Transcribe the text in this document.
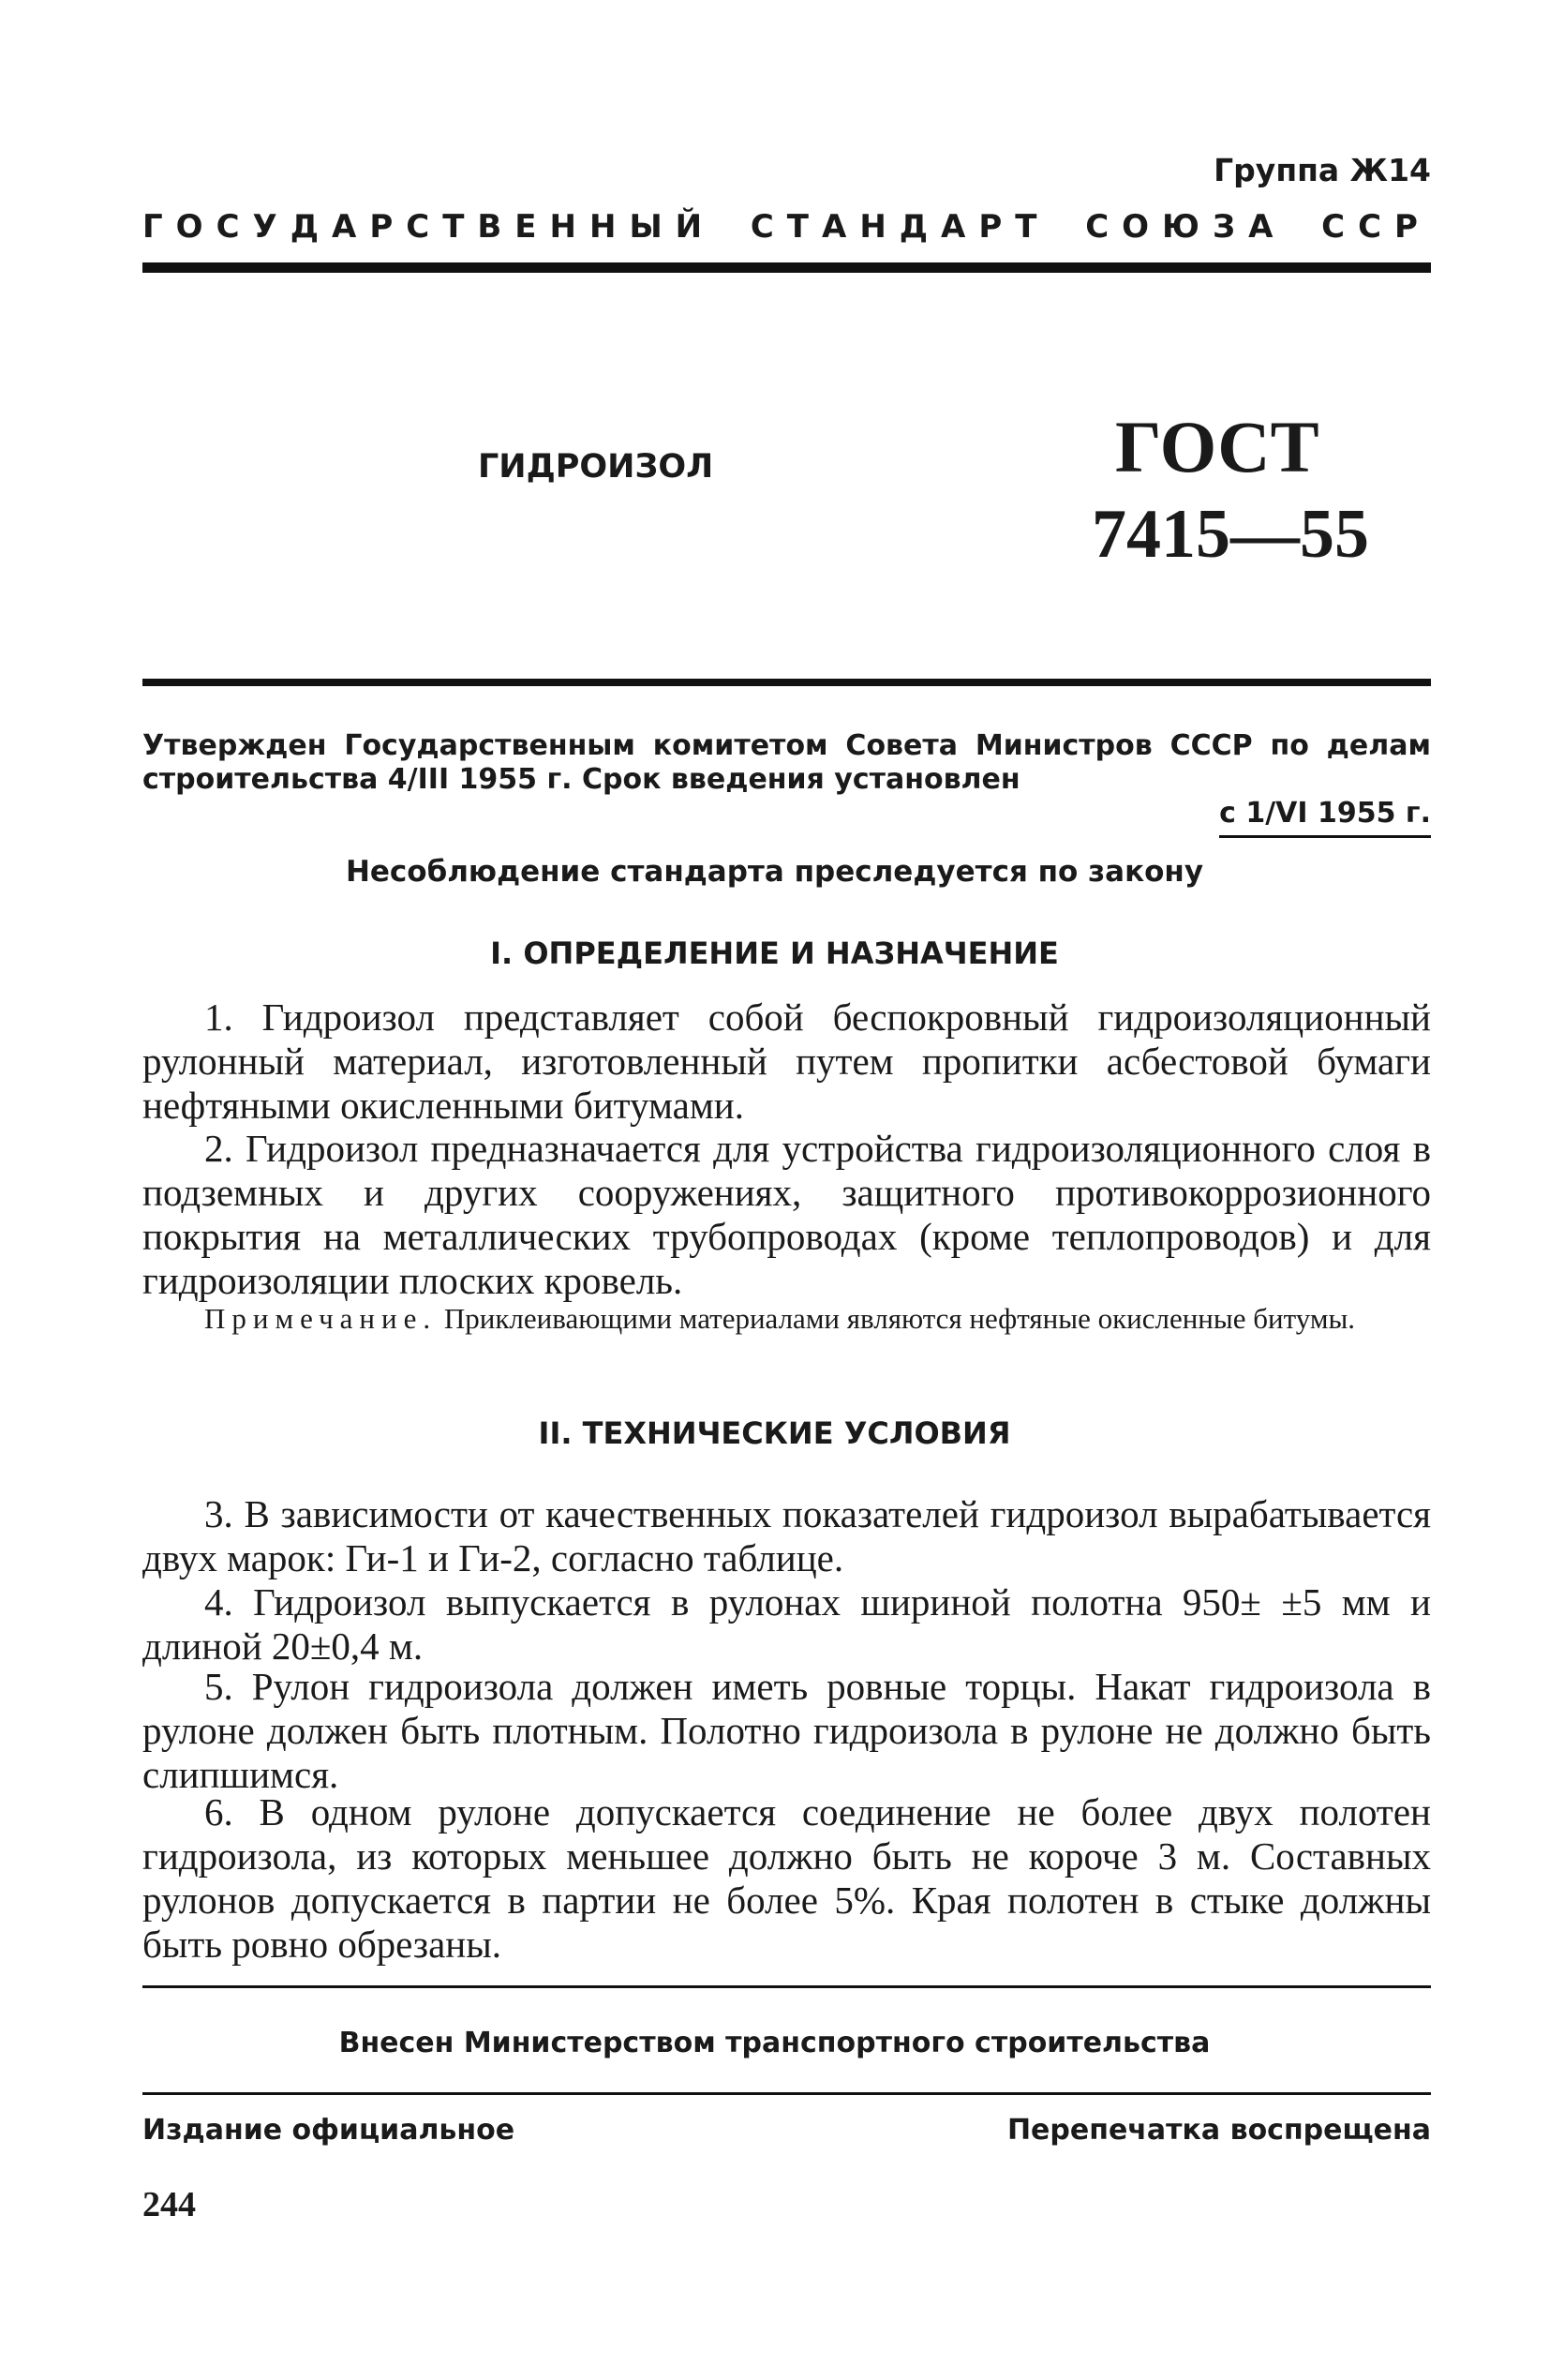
Группа Ж14
ГОСУДАРСТВЕННЫЙ СТАНДАРТ СОЮЗА ССР
ГИДРОИЗОЛ	ГОСТ
7415—55
Утвержден Государственным комитетом Совета Министров СССР по делам строительства 4/III 1955 г. Срок введения установлен
с 1/VI 1955 г.
Несоблюдение стандарта преследуется по закону
I. ОПРЕДЕЛЕНИЕ И НАЗНАЧЕНИЕ

1. Гидроизол представляет собой беспокровный гидроизоляционный рулонный материал, изготовленный путем пропитки асбестовой бумаги нефтяными окисленными битумами.

2. Гидроизол предназначается для устройства гидроизоляционного слоя в подземных и других сооружениях, защитного противокоррозионного покрытия на металлических трубопроводах (кроме теплопроводов) и для гидроизоляции плоских кровель.

Примечание. Приклеивающими материалами являются нефтяные окисленные битумы.
II. ТЕХНИЧЕСКИЕ УСЛОВИЯ

3. В зависимости от качественных показателей гидроизол вырабатывается двух марок: Ги-1 и Ги-2, согласно таблице.

4. Гидроизол выпускается в рулонах шириной полотна 950± ±5 мм и длиной 20±0,4 м.

5. Рулон гидроизола должен иметь ровные торцы. Накат гидроизола в рулоне должен быть плотным. Полотно гидроизола в рулоне не должно быть слипшимся.

6. В одном рулоне допускается соединение не более двух полотен гидроизола, из которых меньшее должно быть не короче 3 м. Составных рулонов допускается в партии не более 5%. Края полотен в стыке должны быть ровно обрезаны.

Внесен Министерством транспортного строительства
Издание официальное	Перепечатка воспрещена
244
